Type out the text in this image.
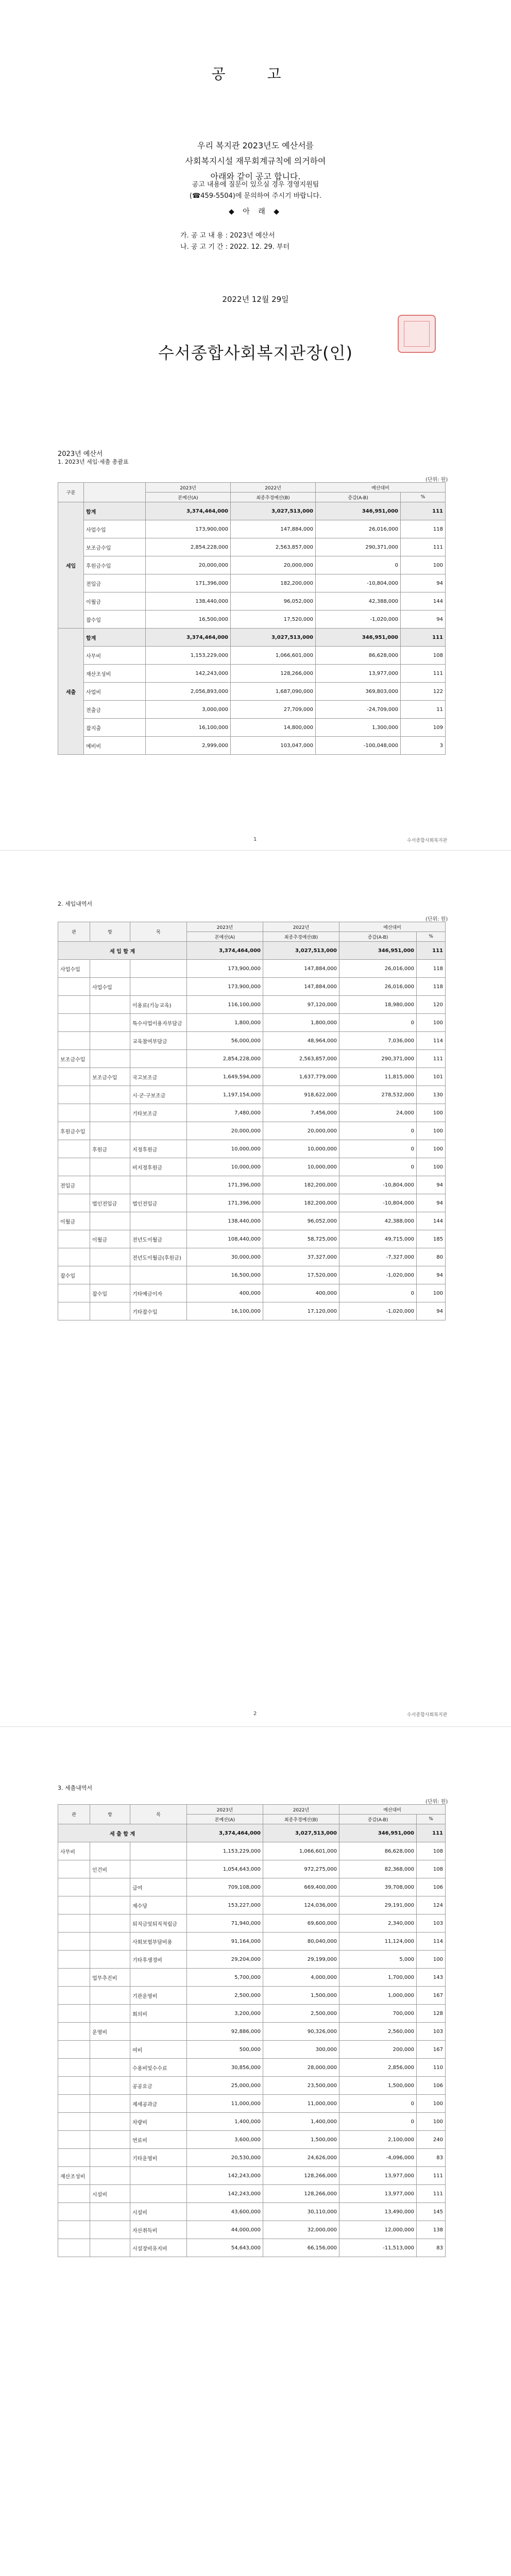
공 고

우리 복지관 2023년도 예산서를

사회복지시설 재무회계규칙에 의거하여

아래와 같이 공고 합니다.

공고 내용에 질문이 있으실 경우 경영지원팀

(☎459-5504)에 문의하여 주시기 바랍니다.

◆ 아 래 ◆
가. 공 고 내 용 : 2023년 예산서
나. 공 고 기 간 : 2022. 12. 29. 부터
2022년 12월 29일
수서종합사회복지관장(인)
2023년 예산서
1. 2023년 세입·세출 총괄표
(단위: 원)
구분		2023년	2022년	예산대비	
		본예산(A)	최종추경예산(B)	증감(A-B)	%
세입	합계	3,374,464,000	3,027,513,000	346,951,000	111
	사업수입	173,900,000	147,884,000	26,016,000	118
	보조금수입	2,854,228,000	2,563,857,000	290,371,000	111
	후원금수입	20,000,000	20,000,000	0	100
	전입금	171,396,000	182,200,000	-10,804,000	94
	이월금	138,440,000	96,052,000	42,388,000	144
	잡수입	16,500,000	17,520,000	-1,020,000	94
세출	합계	3,374,464,000	3,027,513,000	346,951,000	111
	사무비	1,153,229,000	1,066,601,000	86,628,000	108
	재산조성비	142,243,000	128,266,000	13,977,000	111
	사업비	2,056,893,000	1,687,090,000	369,803,000	122
	전출금	3,000,000	27,709,000	-24,709,000	11
	잡지출	16,100,000	14,800,000	1,300,000	109
	예비비	2,999,000	103,047,000	-100,048,000	3
1	수서종합사회복지관
2. 세입내역서
(단위: 원)
관	항	목	2023년	2022년	예산대비	
			본예산(A)	최종추경예산(B)	증감(A-B)	%
세 입 합 계			3,374,464,000	3,027,513,000	346,951,000	111
사업수입			173,900,000	147,884,000	26,016,000	118
	사업수입		173,900,000	147,884,000	26,016,000	118
		이용료(기능교육)	116,100,000	97,120,000	18,980,000	120
		특수사업이용자부담금	1,800,000	1,800,000	0	100
		교육참여부담금	56,000,000	48,964,000	7,036,000	114
보조금수입			2,854,228,000	2,563,857,000	290,371,000	111
	보조금수입	국고보조금	1,649,594,000	1,637,779,000	11,815,000	101
		시·군·구보조금	1,197,154,000	918,622,000	278,532,000	130
		기타보조금	7,480,000	7,456,000	24,000	100
후원금수입			20,000,000	20,000,000	0	100
	후원금	지정후원금	10,000,000	10,000,000	0	100
		비지정후원금	10,000,000	10,000,000	0	100
전입금			171,396,000	182,200,000	-10,804,000	94
	법인전입금	법인전입금	171,396,000	182,200,000	-10,804,000	94
이월금			138,440,000	96,052,000	42,388,000	144
	이월금	전년도이월금	108,440,000	58,725,000	49,715,000	185
		전년도이월금(후원금)	30,000,000	37,327,000	-7,327,000	80
잡수입			16,500,000	17,520,000	-1,020,000	94
	잡수입	기타예금이자	400,000	400,000	0	100
		기타잡수입	16,100,000	17,120,000	-1,020,000	94
2	수서종합사회복지관
3. 세출내역서
(단위: 원)
관	항	목	2023년	2022년	예산대비	
			본예산(A)	최종추경예산(B)	증감(A-B)	%
세 출 합 계			3,374,464,000	3,027,513,000	346,951,000	111
사무비			1,153,229,000	1,066,601,000	86,628,000	108
	인건비		1,054,643,000	972,275,000	82,368,000	108
		급여	709,108,000	669,400,000	39,708,000	106
		제수당	153,227,000	124,036,000	29,191,000	124
		퇴직금및퇴직적립금	71,940,000	69,600,000	2,340,000	103
		사회보험부담비용	91,164,000	80,040,000	11,124,000	114
		기타후생경비	29,204,000	29,199,000	5,000	100
	업무추진비		5,700,000	4,000,000	1,700,000	143
		기관운영비	2,500,000	1,500,000	1,000,000	167
		회의비	3,200,000	2,500,000	700,000	128
	운영비		92,886,000	90,326,000	2,560,000	103
		여비	500,000	300,000	200,000	167
		수용비및수수료	30,856,000	28,000,000	2,856,000	110
		공공요금	25,000,000	23,500,000	1,500,000	106
		제세공과금	11,000,000	11,000,000	0	100
		차량비	1,400,000	1,400,000	0	100
		연료비	3,600,000	1,500,000	2,100,000	240
		기타운영비	20,530,000	24,626,000	-4,096,000	83
재산조성비			142,243,000	128,266,000	13,977,000	111
	시설비		142,243,000	128,266,000	13,977,000	111
		시설비	43,600,000	30,110,000	13,490,000	145
		자산취득비	44,000,000	32,000,000	12,000,000	138
		시설장비유지비	54,643,000	66,156,000	-11,513,000	83
